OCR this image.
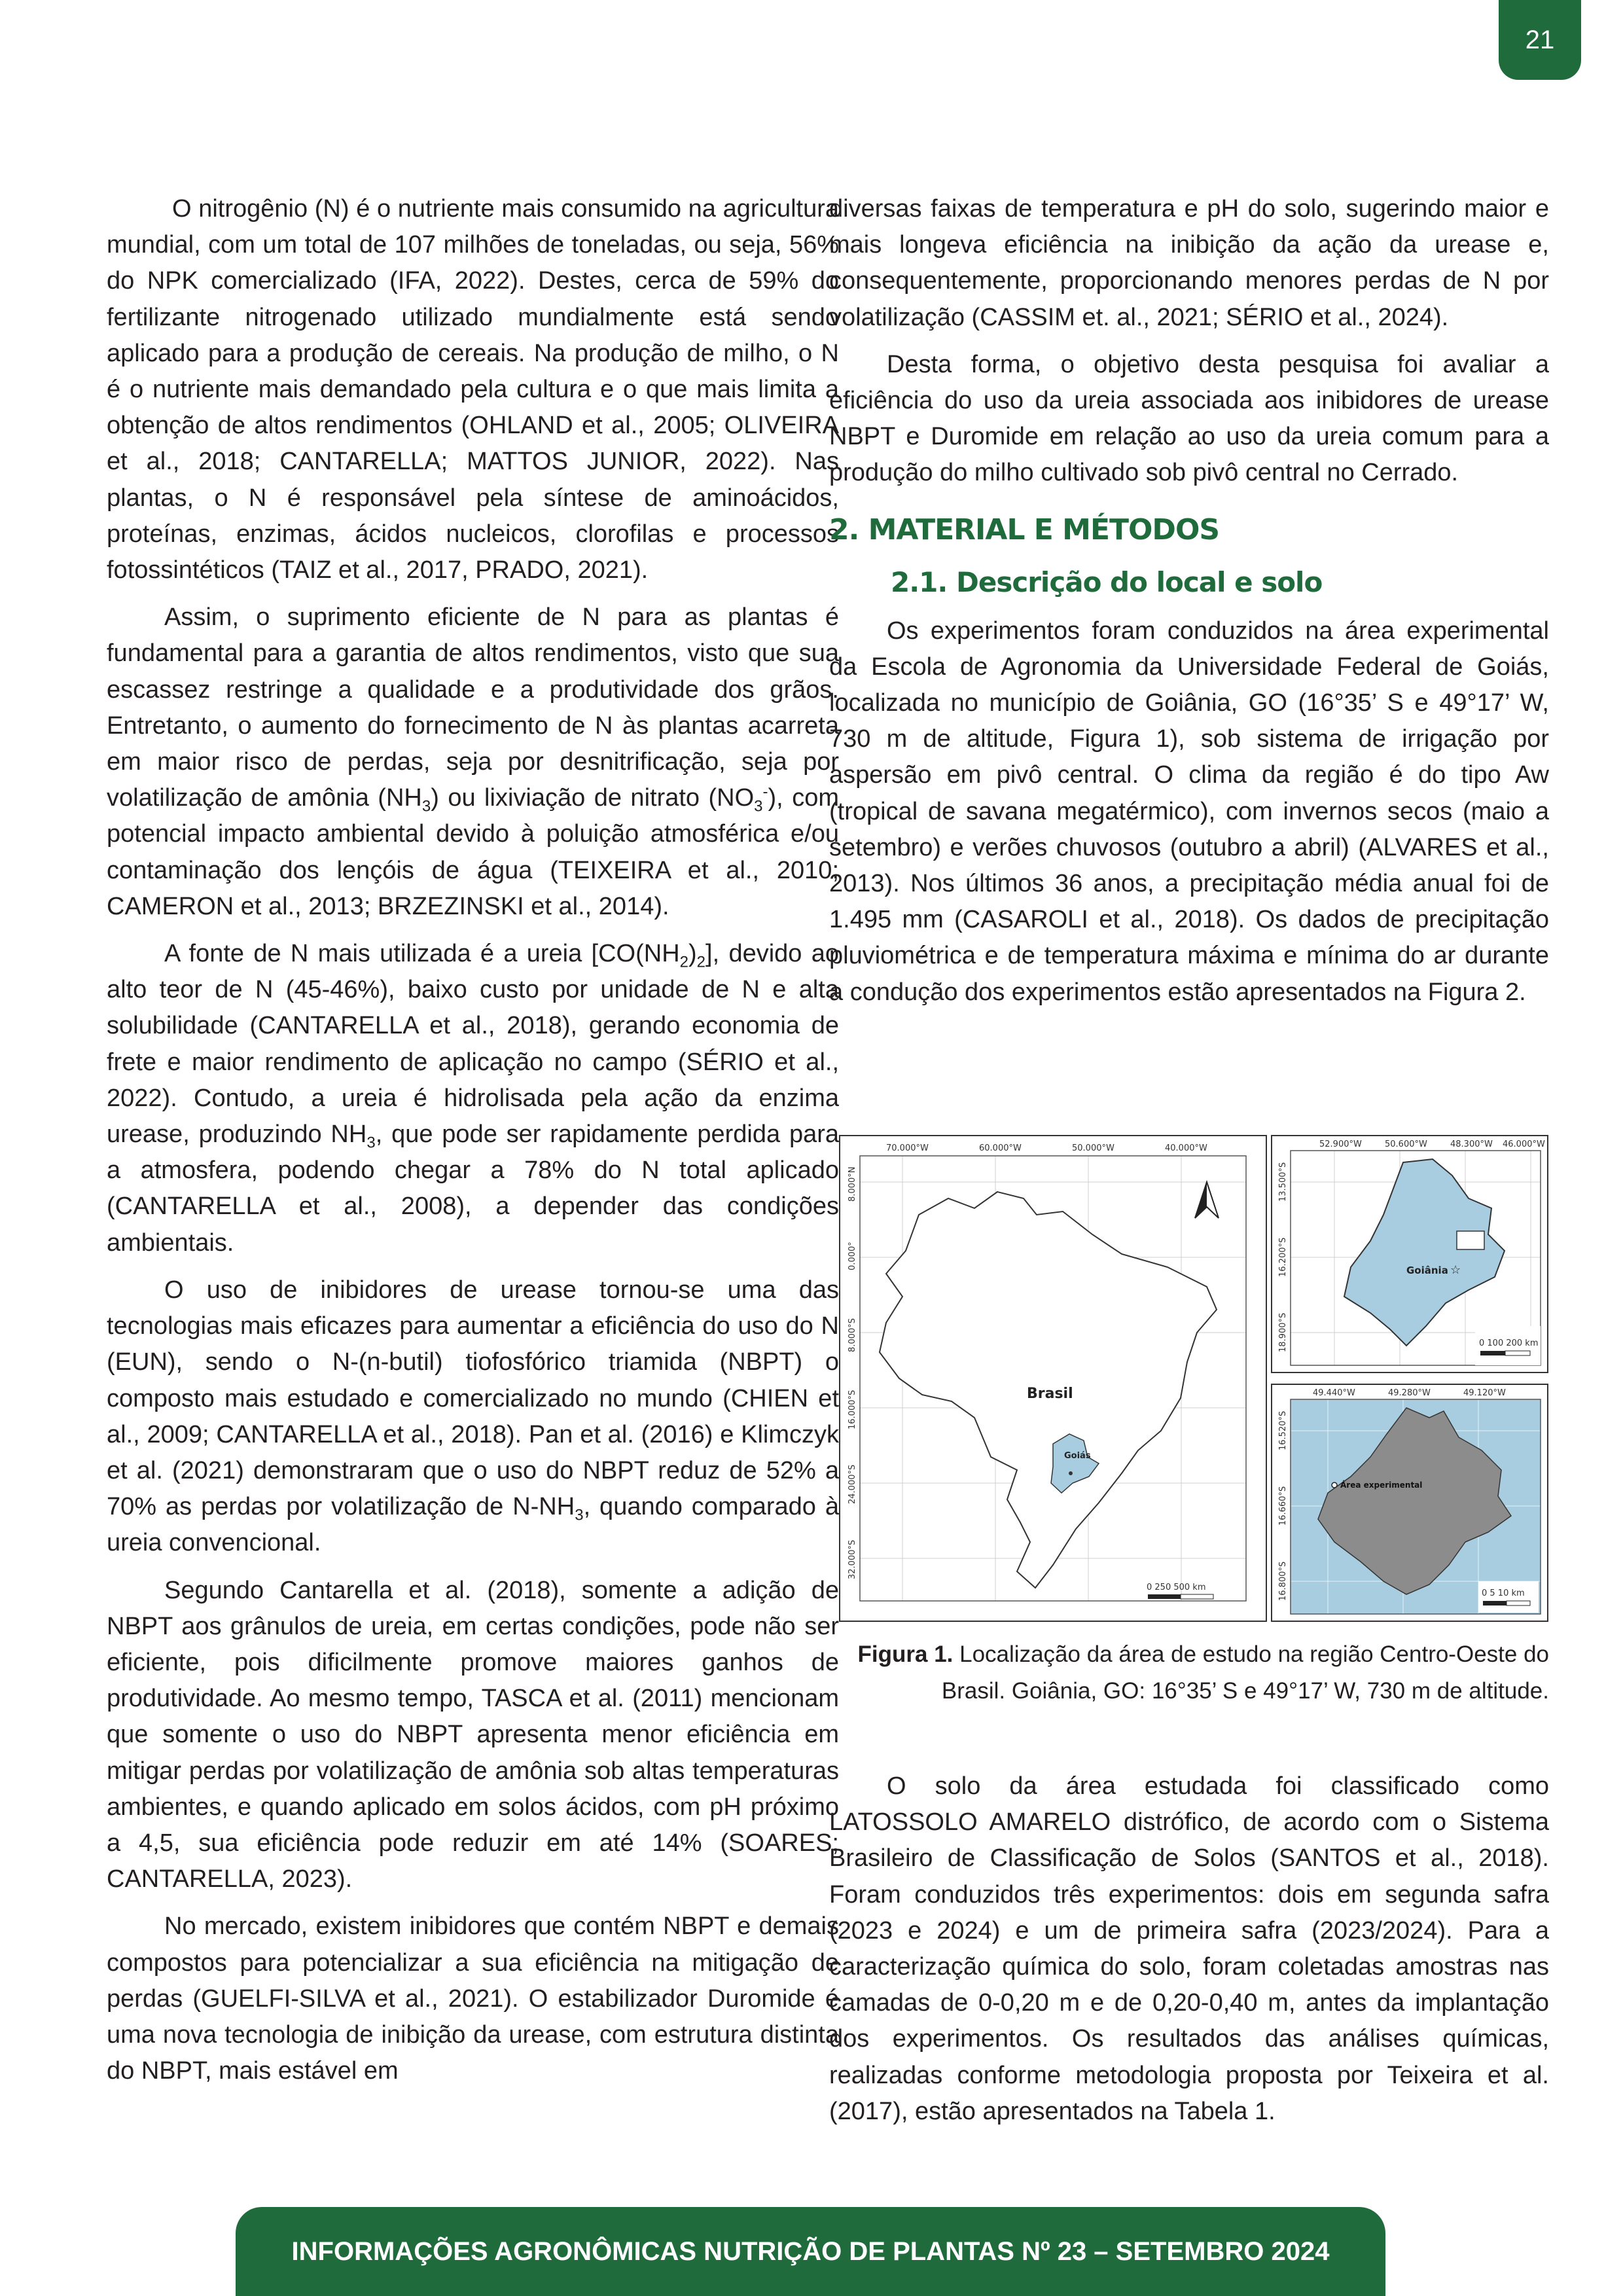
21

O nitrogênio (N) é o nutriente mais consumido na agricultura mundial, com um total de 107 milhões de toneladas, ou seja, 56% do NPK comercializado (IFA, 2022). Destes, cerca de 59% do fertilizante nitrogenado utilizado mundialmente está sendo aplicado para a produção de cereais. Na produção de milho, o N é o nutriente mais demandado pela cultura e o que mais limita a obtenção de altos rendimentos (OHLAND et al., 2005; OLIVEIRA et al., 2018; CANTARELLA; MATTOS JUNIOR, 2022). Nas plantas, o N é responsável pela síntese de aminoácidos, proteínas, enzimas, ácidos nucleicos, clorofilas e processos fotossintéticos (TAIZ et al., 2017, PRADO, 2021).

Assim, o suprimento eficiente de N para as plantas é fundamental para a garantia de altos rendimentos, visto que sua escassez restringe a qualidade e a produtividade dos grãos. Entretanto, o aumento do fornecimento de N às plantas acarreta em maior risco de perdas, seja por desnitrificação, seja por volatilização de amônia $(NH_3)$ ou lixiviação de nitrato $(NO_3^-)$, com potencial impacto ambiental devido à poluição atmosférica e/ou contaminação dos lençóis de água (TEIXEIRA et al., 2010; CAMERON et al., 2013; BRZEZINSKI et al., 2014).

A fonte de N mais utilizada é a ureia $[CO(NH_2)_2]$, devido ao alto teor de N (45-46%), baixo custo por unidade de N e alta solubilidade (CANTARELLA et al., 2018), gerando economia de frete e maior rendimento de aplicação no campo (SÉRIO et al., 2022). Contudo, a ureia é hidrolisada pela ação da enzima urease, produzindo $NH_3$, que pode ser rapidamente perdida para a atmosfera, podendo chegar a 78% do N total aplicado (CANTARELLA et al., 2008), a depender das condições ambientais.

O uso de inibidores de urease tornou-se uma das tecnologias mais eficazes para aumentar a eficiência do uso do N (EUN), sendo o N-(n-butil) tiofosfórico triamida (NBPT) o composto mais estudado e comercializado no mundo (CHIEN et al., 2009; CANTARELLA et al., 2018). Pan et al. (2016) e Klimczyk et al. (2021) demonstraram que o uso do NBPT reduz de 52% a 70% as perdas por volatilização de $N-NH_3$, quando comparado à ureia convencional.

Segundo Cantarella et al. (2018), somente a adição de NBPT aos grânulos de ureia, em certas condições, pode não ser eficiente, pois dificilmente promove maiores ganhos de produtividade. Ao mesmo tempo, TASCA et al. (2011) mencionam que somente o uso do NBPT apresenta menor eficiência em mitigar perdas por volatilização de amônia sob altas temperaturas ambientes, e quando aplicado em solos ácidos, com pH próximo a 4,5, sua eficiência pode reduzir em até 14% (SOARES; CANTARELLA, 2023).

No mercado, existem inibidores que contém NBPT e demais compostos para potencializar a sua eficiência na mitigação de perdas (GUELFI-SILVA et al., 2021). O estabilizador Duromide é uma nova tecnologia de inibição da urease, com estrutura distinta do NBPT, mais estável em

diversas faixas de temperatura e pH do solo, sugerindo maior e mais longeva eficiência na inibição da ação da urease e, consequentemente, proporcionando menores perdas de N por volatilização (CASSIM et. al., 2021; SÉRIO et al., 2024).

Desta forma, o objetivo desta pesquisa foi avaliar a eficiência do uso da ureia associada aos inibidores de urease NBPT e Duromide em relação ao uso da ureia comum para a produção do milho cultivado sob pivô central no Cerrado.

2. MATERIAL E MÉTODOS
2.1. Descrição do local e solo

Os experimentos foram conduzidos na área experimental da Escola de Agronomia da Universidade Federal de Goiás, localizada no município de Goiânia, GO (16°35’ S e 49°17’ W, 730 m de altitude, Figura 1), sob sistema de irrigação por aspersão em pivô central. O clima da região é do tipo Aw (tropical de savana megatérmico), com invernos secos (maio a setembro) e verões chuvosos (outubro a abril) (ALVARES et al., 2013). Nos últimos 36 anos, a precipitação média anual foi de 1.495 mm (CASAROLI et al., 2018). Os dados de precipitação pluviométrica e de temperatura máxima e mínima do ar durante a condução dos experimentos estão apresentados na Figura 2.

70.000°W	60.000°W	50.000°W	40.000°W
8.000°N
0.000°
8.000°S
16.000°S
24.000°S
32.000°S
Brasil
Goiás
0 250 500 km
52.900°W	50.600°W	48.300°W 46.000°W
13.500°S
16.200°S
18.900°S
Goiânia ☆
0 100 200 km
49.440°W	49.280°W	49.120°W
16.520°S
16.660°S
16.800°S
Área experimental
0 5 10 km
Figura 1. Localização da área de estudo na região Centro-Oeste do Brasil. Goiânia, GO: 16°35’ S e 49°17’ W, 730 m de altitude.

O solo da área estudada foi classificado como LATOSSOLO AMARELO distrófico, de acordo com o Sistema Brasileiro de Classificação de Solos (SANTOS et al., 2018). Foram conduzidos três experimentos: dois em segunda safra (2023 e 2024) e um de primeira safra (2023/2024). Para a caracterização química do solo, foram coletadas amostras nas camadas de 0-0,20 m e de 0,20-0,40 m, antes da implantação dos experimentos. Os resultados das análises químicas, realizadas conforme metodologia proposta por Teixeira et al. (2017), estão apresentados na Tabela 1.

INFORMAÇÕES AGRONÔMICAS NUTRIÇÃO DE PLANTAS Nº 23 – SETEMBRO 2024
